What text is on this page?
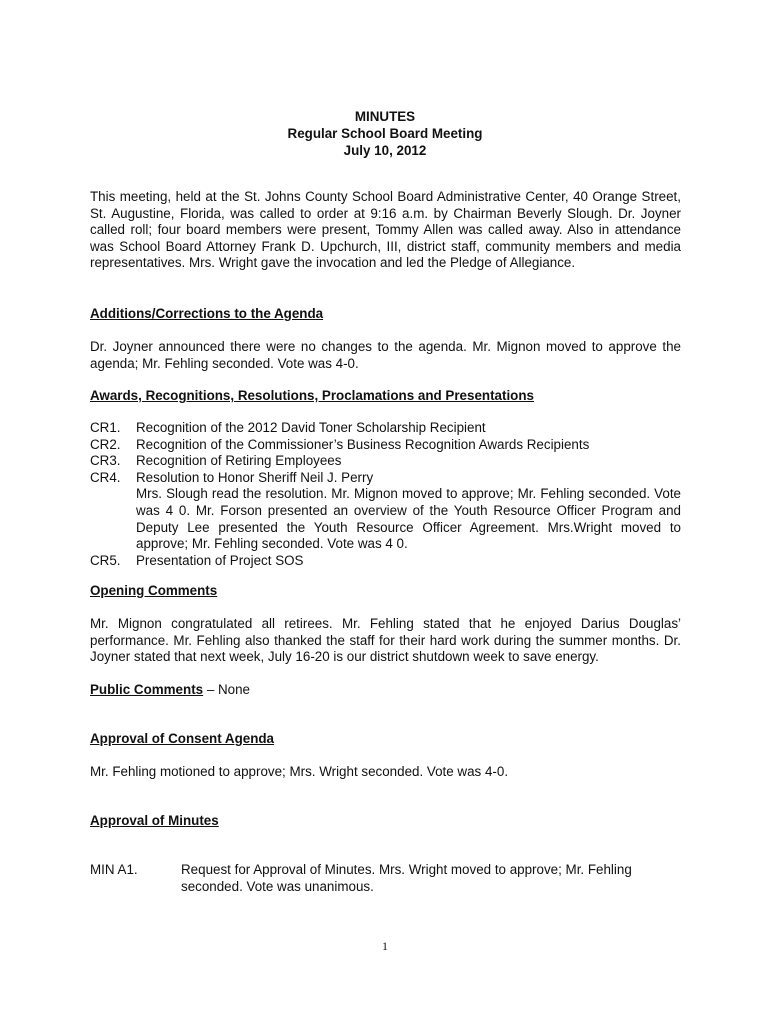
MINUTES
Regular School Board Meeting
July 10, 2012
This meeting, held at the St. Johns County School Board Administrative Center, 40 Orange Street, St. Augustine, Florida, was called to order at 9:16 a.m. by Chairman Beverly Slough. Dr. Joyner called roll; four board members were present, Tommy Allen was called away. Also in attendance was School Board Attorney Frank D. Upchurch, III, district staff, community members and media representatives. Mrs. Wright gave the invocation and led the Pledge of Allegiance.
Additions/Corrections to the Agenda
Dr. Joyner announced there were no changes to the agenda. Mr. Mignon moved to approve the agenda; Mr. Fehling seconded. Vote was 4-0.
Awards, Recognitions, Resolutions, Proclamations and Presentations
CR1.	Recognition of the 2012 David Toner Scholarship Recipient
CR2.	Recognition of the Commissioner’s Business Recognition Awards Recipients
CR3.	Recognition of Retiring Employees
CR4.	Resolution to Honor Sheriff Neil J. Perry
Mrs. Slough read the resolution. Mr. Mignon moved to approve; Mr. Fehling seconded. Vote was 4 0. Mr. Forson presented an overview of the Youth Resource Officer Program and Deputy Lee presented the Youth Resource Officer Agreement. Mrs.Wright moved to approve; Mr. Fehling seconded. Vote was 4 0.
CR5.	Presentation of Project SOS
Opening Comments
Mr. Mignon congratulated all retirees. Mr. Fehling stated that he enjoyed Darius Douglas’ performance. Mr. Fehling also thanked the staff for their hard work during the summer months. Dr. Joyner stated that next week, July 16-20 is our district shutdown week to save energy.
Public Comments – None
Approval of Consent Agenda
Mr. Fehling motioned to approve; Mrs. Wright seconded. Vote was 4-0.
Approval of Minutes
MIN A1.	Request for Approval of Minutes. Mrs. Wright moved to approve; Mr. Fehling seconded. Vote was unanimous.
1
